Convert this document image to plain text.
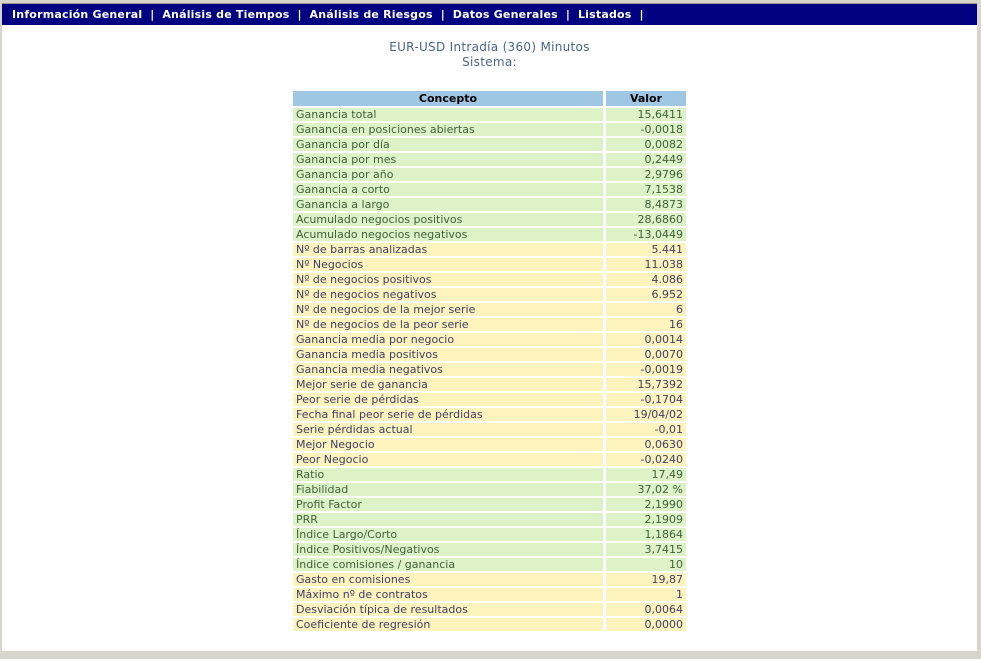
Información General | Análisis de Tiempos | Análisis de Riesgos | Datos Generales | Listados |
EUR-USD Intradía (360) Minutos
Sistema:
Concepto	Valor
Ganancia total	15,6411
Ganancia en posiciones abiertas	-0,0018
Ganancia por día	0,0082
Ganancia por mes	0,2449
Ganancia por año	2,9796
Ganancia a corto	7,1538
Ganancia a largo	8,4873
Acumulado negocios positivos	28,6860
Acumulado negocios negativos	-13,0449
Nº de barras analizadas	5.441
Nº Negocios	11.038
Nº de negocios positivos	4.086
Nº de negocios negativos	6.952
Nº de negocios de la mejor serie	6
Nº de negocios de la peor serie	16
Ganancia media por negocio	0,0014
Ganancia media positivos	0,0070
Ganancia media negativos	-0,0019
Mejor serie de ganancia	15,7392
Peor serie de pérdidas	-0,1704
Fecha final peor serie de pérdidas	19/04/02
Serie pérdidas actual	-0,01
Mejor Negocio	0,0630
Peor Negocio	-0,0240
Ratio	17,49
Fiabilidad	37,02 %
Profit Factor	2,1990
PRR	2,1909
Índice Largo/Corto	1,1864
Índice Positivos/Negativos	3,7415
Índice comisiones / ganancia	10
Gasto en comisiones	19,87
Máximo nº de contratos	1
Desviación típica de resultados	0,0064
Coeficiente de regresión	0,0000
